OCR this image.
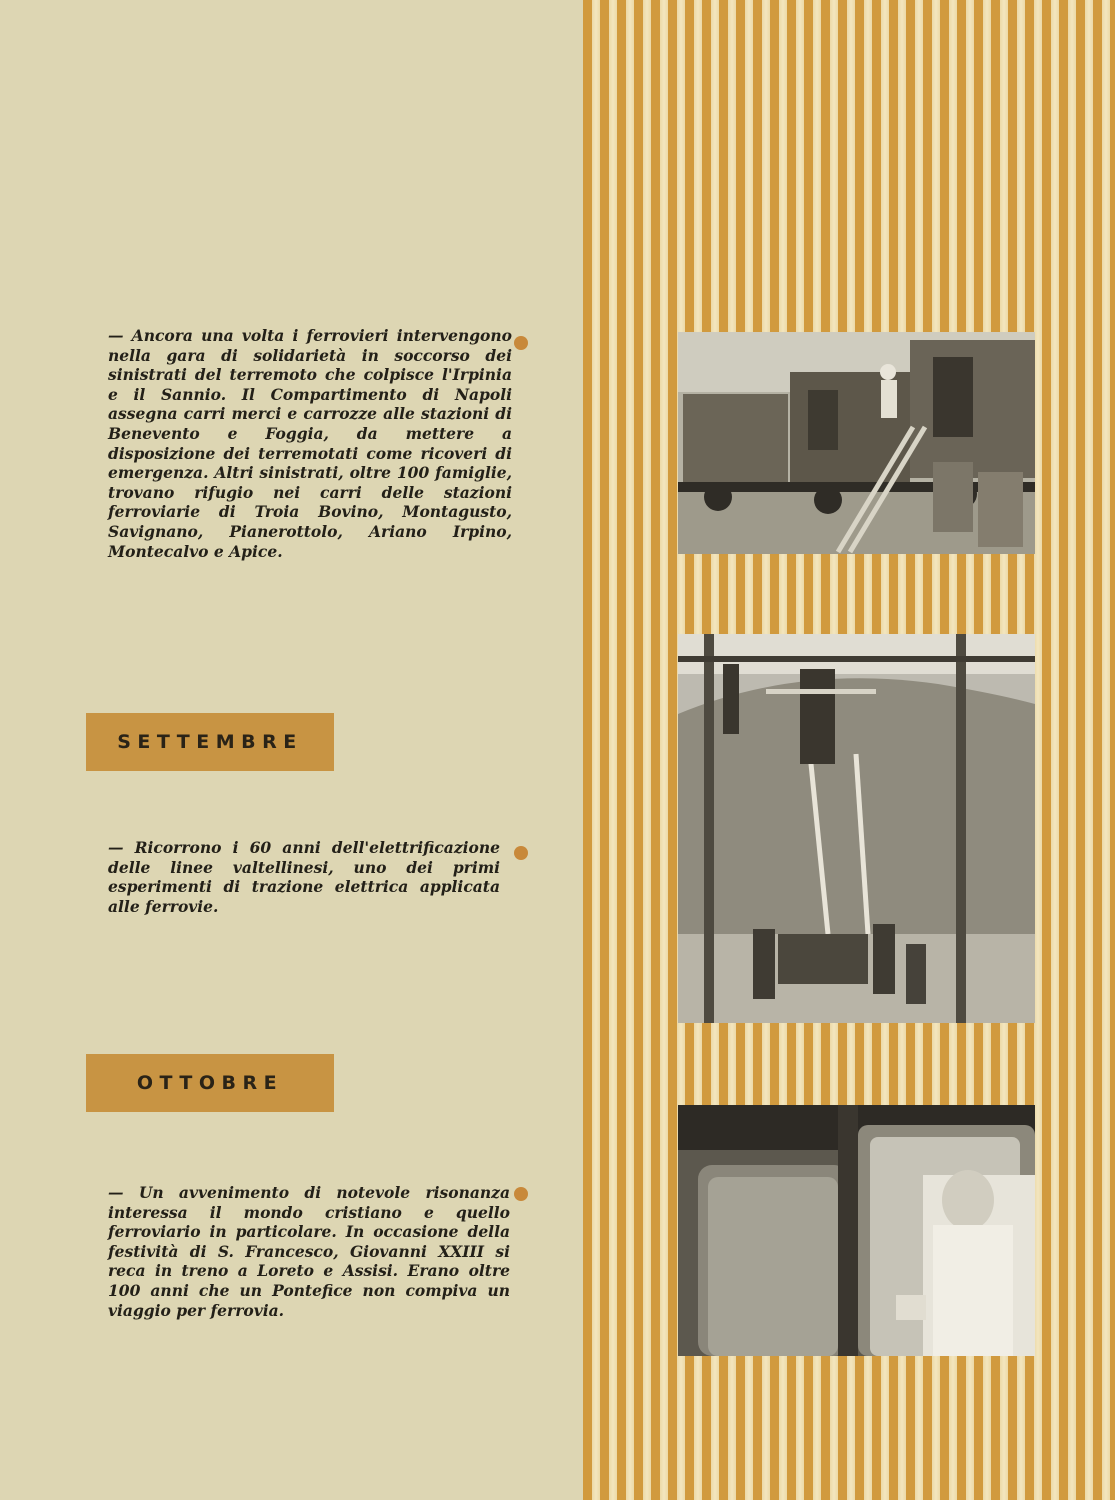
— Ancora una volta i ferrovieri intervengono nella gara di solidarietà in soccorso dei sinistrati del terremoto che colpisce l'Irpinia e il Sannio. Il Compartimento di Napoli assegna carri merci e carrozze alle stazioni di Benevento e Foggia, da mettere a disposizione dei terremotati come ricoveri di emergenza. Altri sinistrati, oltre 100 famiglie, trovano rifugio nei carri delle stazioni ferroviarie di Troia Bovino, Montagusto, Savignano, Pianerottolo, Ariano Irpino, Montecalvo e Apice.

SETTEMBRE

— Ricorrono i 60 anni dell'elettrificazione delle linee valtellinesi, uno dei primi esperimenti di trazione elettrica applicata alle ferrovie.

OTTOBRE

— Un avvenimento di notevole risonanza interessa il mondo cristiano e quello ferroviario in particolare. In occasione della festività di S. Francesco, Giovanni XXIII si reca in treno a Loreto e Assisi. Erano oltre 100 anni che un Pontefice non compiva un viaggio per ferrovia.
